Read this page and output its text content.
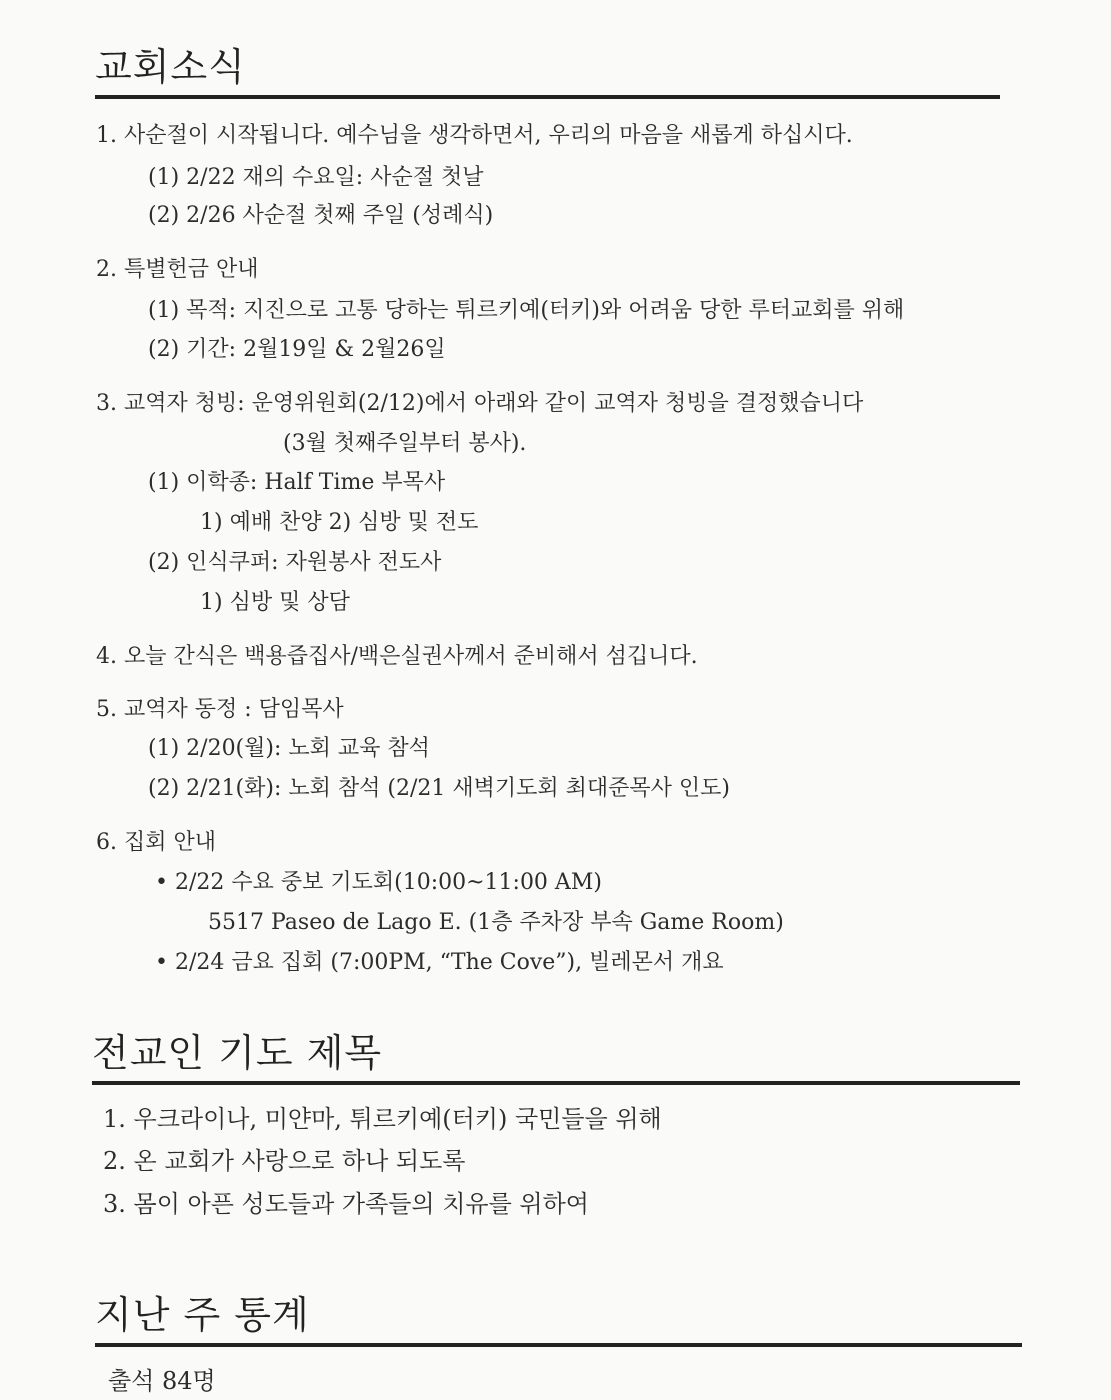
교회소식
1. 사순절이 시작됩니다. 예수님을 생각하면서, 우리의 마음을 새롭게 하십시다.
(1) 2/22 재의 수요일: 사순절 첫날
(2) 2/26 사순절 첫째 주일 (성례식)
2. 특별헌금 안내
(1) 목적: 지진으로 고통 당하는 튀르키예(터키)와 어려움 당한 루터교회를 위해
(2) 기간: 2월19일 & 2월26일
3. 교역자 청빙: 운영위원회(2/12)에서 아래와 같이 교역자 청빙을 결정했습니다
(3월 첫째주일부터 봉사).
(1) 이학종: Half Time 부목사
1) 예배 찬양 2) 심방 및 전도
(2) 인식쿠퍼: 자원봉사 전도사
1) 심방 및 상담
4. 오늘 간식은 백용즙집사/백은실권사께서 준비해서 섬깁니다.
5. 교역자 동정 : 담임목사
(1) 2/20(월): 노회 교육 참석
(2) 2/21(화): 노회 참석 (2/21 새벽기도회 최대준목사 인도)
6. 집회 안내
• 2/22 수요 중보 기도회(10:00~11:00 AM)
5517 Paseo de Lago E. (1층 주차장 부속 Game Room)
• 2/24 금요 집회 (7:00PM, “The Cove”), 빌레몬서 개요
전교인 기도 제목
1. 우크라이나, 미얀마, 튀르키예(터키) 국민들을 위해
2. 온 교회가 사랑으로 하나 되도록
3. 몸이 아픈 성도들과 가족들의 치유를 위하여
지난 주 통계
출석 84명
